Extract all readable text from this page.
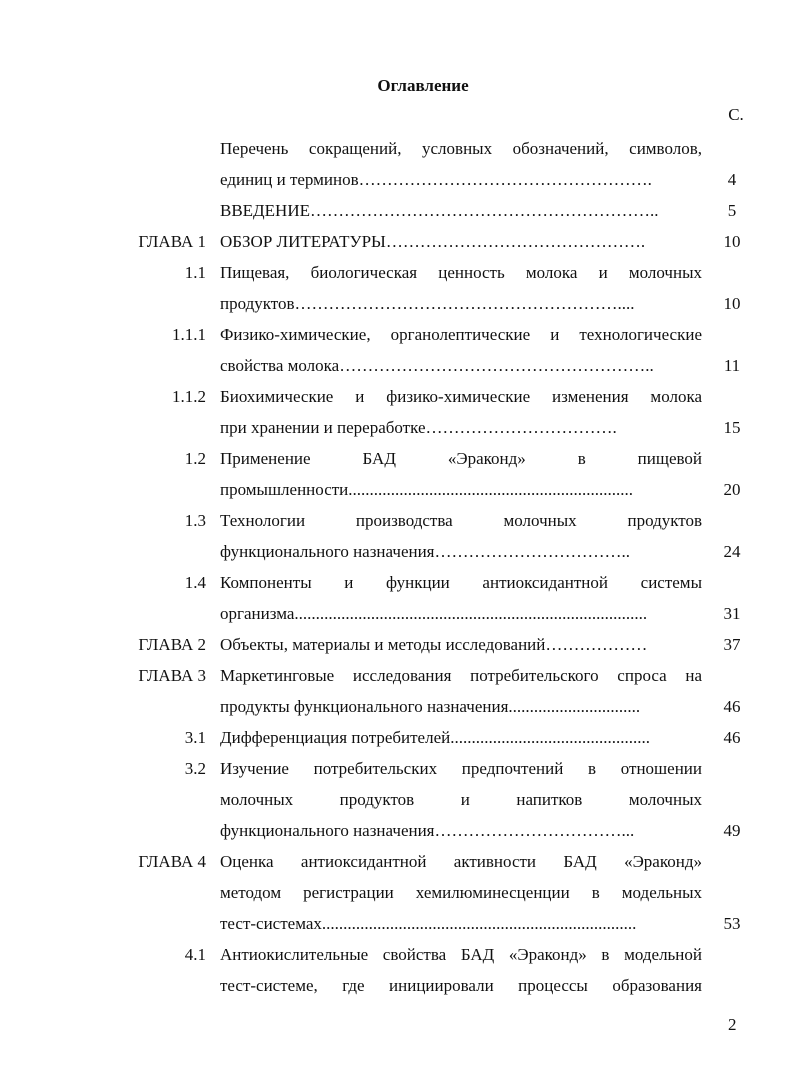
Оглавление
С.
Перечень сокращений, условных обозначений, символов,
единиц и терминов…………………………………………….	4
ВВЕДЕНИЕ……………………………………………………..	5
ГЛАВА 1 ОБЗОР ЛИТЕРАТУРЫ……………………………………….	10
1.1 Пищевая, биологическая ценность молока и молочных
продуктов…………………………………………………....	10
1.1.1 Физико-химические, органолептические и технологические
свойства молока………………………………………………..	11
1.1.2 Биохимические и физико-химические изменения молока
при хранении и переработке…………………………….	15
1.2 Применение БАД «Эраконд» в пищевой
промышленности...................................................................	20
1.3 Технологии производства молочных продуктов
функционального назначения……………………………..	24
1.4 Компоненты и функции антиоксидантной системы
организма...................................................................................	31
ГЛАВА 2 Объекты, материалы и методы исследований………………	37
ГЛАВА 3 Маркетинговые исследования потребительского спроса на
продукты функционального назначения...............................	46
3.1 Дифференциация потребителей...............................................	46
3.2 Изучение потребительских предпочтений в отношении
молочных продуктов и напитков молочных
функционального назначения……………………………...	49
ГЛАВА 4 Оценка антиоксидантной активности БАД «Эраконд»
методом регистрации хемилюминесценции в модельных
тест-системах..........................................................................	53
4.1 Антиокислительные свойства БАД «Эраконд» в модельной
тест-системе, где инициировали процессы образования
2
